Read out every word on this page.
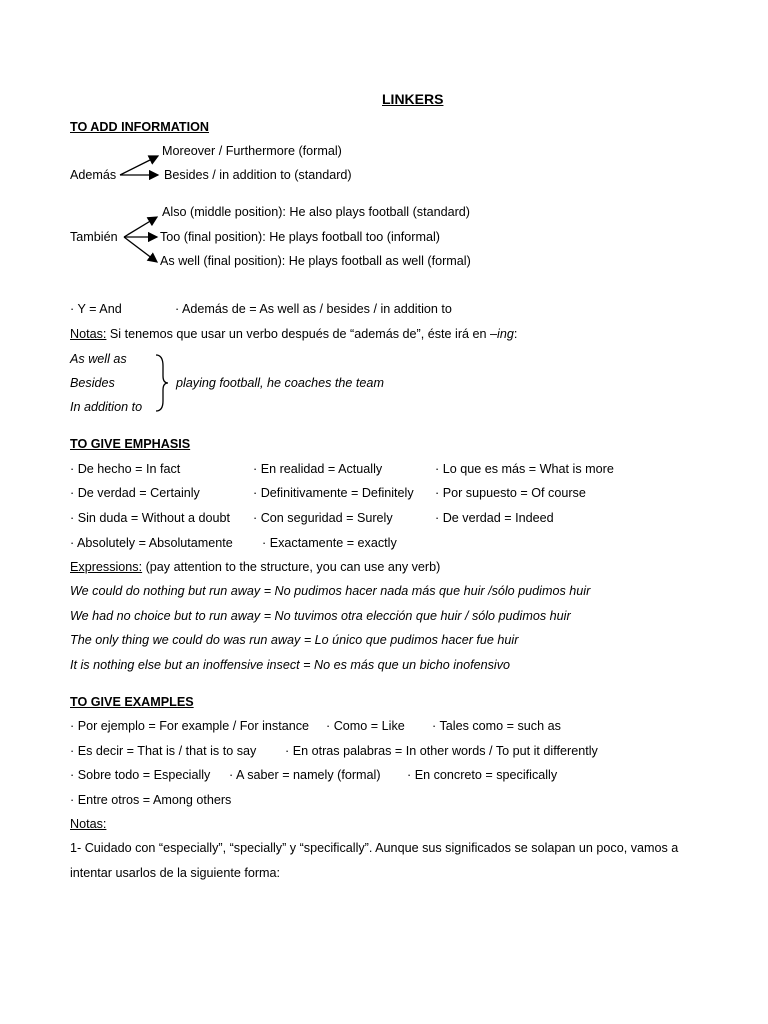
LINKERS
TO ADD INFORMATION
Moreover / Furthermore (formal)
Además	Besides / in addition to (standard)
Also (middle position): He also plays football (standard)
También	Too (final position): He plays football too (informal)
As well (final position): He plays football as well (formal)
· Y = And	· Además de = As well as / besides / in addition to
Notas: Si tenemos que usar un verbo después de “además de”, éste irá en –ing:
As well as
Besides
In addition to
playing football, he coaches the team
TO GIVE EMPHASIS
· De hecho = In fact	· En realidad = Actually	· Lo que es más = What is more
· De verdad = Certainly	· Definitivamente = Definitely · Por supuesto = Of course
· Sin duda = Without a doubt · Con seguridad = Surely	· De verdad = Indeed
· Absolutely = Absolutamente · Exactamente = exactly
Expressions: (pay attention to the structure, you can use any verb)
We could do nothing but run away = No pudimos hacer nada más que huir /sólo pudimos huir
We had no choice but to run away = No tuvimos otra elección que huir / sólo pudimos huir
The only thing we could do was run away = Lo único que pudimos hacer fue huir
It is nothing else but an inoffensive insect = No es más que un bicho inofensivo
TO GIVE EXAMPLES
· Por ejemplo = For example / For instance · Como = Like · Tales como = such as
· Es decir = That is / that is to say · En otras palabras = In other words / To put it differently
· Sobre todo = Especially · A saber = namely (formal) · En concreto = specifically
· Entre otros = Among others
Notas:
1- Cuidado con “especially”, “specially” y “specifically”. Aunque sus significados se solapan un poco, vamos a
intentar usarlos de la siguiente forma:
